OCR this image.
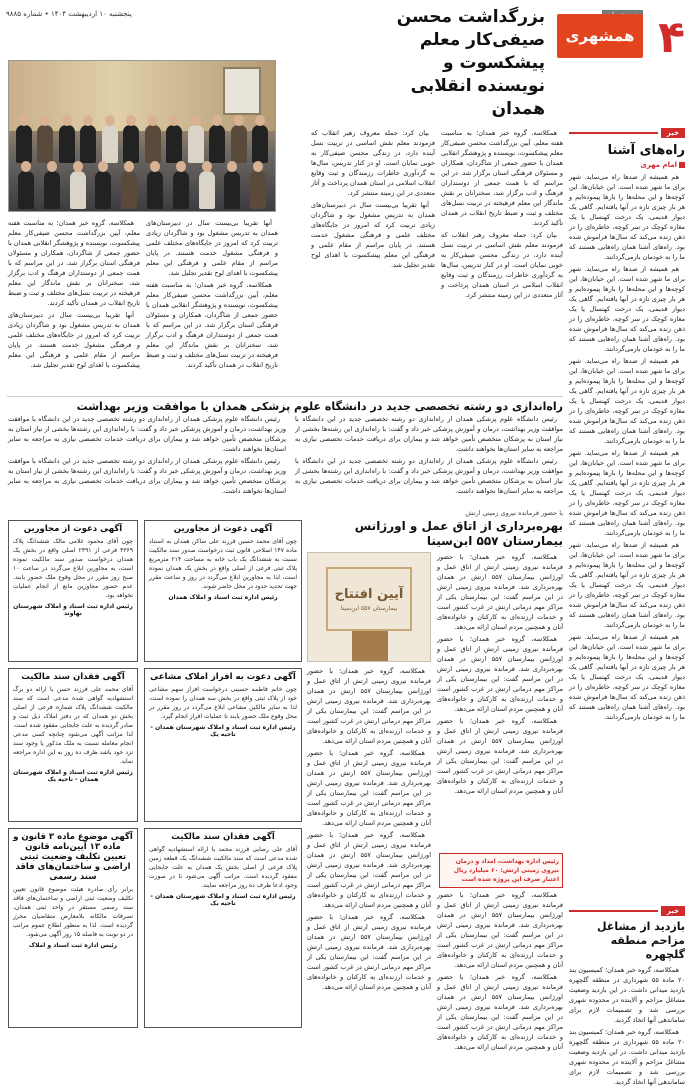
۴
همشهری
بزرگداشت محسن صیفی‌کار معلم پیشکسوت و نویسنده انقلابی همدان
پنجشنبه ۱۰ اردیبهشت ۱۴۰۴ • شماره ۹۸۸۵

همکلاسه، گروه خبر همدان؛ به مناسبت هفته معلم، آیین بزرگداشت محسن صیفی‌کار معلم پیشکسوت، نویسنده و پژوهشگر انقلابی همدان با حضور جمعی از شاگردان، همکاران و مسئولان فرهنگی استان برگزار شد. در این مراسم که با همت جمعی از دوستداران فرهنگ و ادب برگزار شد، سخنرانان بر نقش ماندگار این معلم فرهیخته در تربیت نسل‌های مختلف و ثبت و ضبط تاریخ انقلاب در همدان تأکید کردند.

بیان کرد: جمله معروف رهبر انقلاب که فرمودند معلم نقش اساسی در تربیت نسل آینده دارد، در زندگی محسن صیفی‌کار به خوبی نمایان است. او در کنار تدریس، سال‌ها به گردآوری خاطرات رزمندگان و ثبت وقایع انقلاب اسلامی در استان همدان پرداخت و آثار متعددی در این زمینه منتشر کرد.

بیان کرد: جمله معروف رهبر انقلاب که فرمودند معلم نقش اساسی در تربیت نسل آینده دارد، در زندگی محسن صیفی‌کار به خوبی نمایان است. او در کنار تدریس، سال‌ها به گردآوری خاطرات رزمندگان و ثبت وقایع انقلاب اسلامی در استان همدان پرداخت و آثار متعددی در این زمینه منتشر کرد.

آنها تقریبا بی‌بیست سال در دبیرستان‌های همدان به تدریس مشغول بود و شاگردان زیادی تربیت کرد که امروز در جایگاه‌های مختلف علمی و فرهنگی مشغول خدمت هستند. در پایان مراسم از مقام علمی و فرهنگی این معلم پیشکسوت با اهدای لوح تقدیر تجلیل شد.

آنها تقریبا بی‌بیست سال در دبیرستان‌های همدان به تدریس مشغول بود و شاگردان زیادی تربیت کرد که امروز در جایگاه‌های مختلف علمی و فرهنگی مشغول خدمت هستند. در پایان مراسم از مقام علمی و فرهنگی این معلم پیشکسوت با اهدای لوح تقدیر تجلیل شد.

همکلاسه، گروه خبر همدان؛ به مناسبت هفته معلم، آیین بزرگداشت محسن صیفی‌کار معلم پیشکسوت، نویسنده و پژوهشگر انقلابی همدان با حضور جمعی از شاگردان، همکاران و مسئولان فرهنگی استان برگزار شد. در این مراسم که با همت جمعی از دوستداران فرهنگ و ادب برگزار شد، سخنرانان بر نقش ماندگار این معلم فرهیخته در تربیت نسل‌های مختلف و ثبت و ضبط تاریخ انقلاب در همدان تأکید کردند.

همکلاسه، گروه خبر همدان؛ به مناسبت هفته معلم، آیین بزرگداشت محسن صیفی‌کار معلم پیشکسوت، نویسنده و پژوهشگر انقلابی همدان با حضور جمعی از شاگردان، همکاران و مسئولان فرهنگی استان برگزار شد. در این مراسم که با همت جمعی از دوستداران فرهنگ و ادب برگزار شد، سخنرانان بر نقش ماندگار این معلم فرهیخته در تربیت نسل‌های مختلف و ثبت و ضبط تاریخ انقلاب در همدان تأکید کردند.

آنها تقریبا بی‌بیست سال در دبیرستان‌های همدان به تدریس مشغول بود و شاگردان زیادی تربیت کرد که امروز در جایگاه‌های مختلف علمی و فرهنگی مشغول خدمت هستند. در پایان مراسم از مقام علمی و فرهنگی این معلم پیشکسوت با اهدای لوح تقدیر تجلیل شد.

خبر
راه‌های آشنا
امام مهری

هم همیشه از صدها راه می‌ساید. شهر برای ما شهر شده است. این خیابان‌ها، این کوچه‌ها و این محله‌ها را بارها پیموده‌ایم و هر بار چیزی تازه در آنها یافته‌ایم. گاهی یک دیوار قدیمی، یک درخت کهنسال یا یک مغازه کوچک در سر کوچه، خاطره‌ای را در ذهن زنده می‌کند که سال‌ها فراموش شده بود. راه‌های آشنا همان راه‌هایی هستند که ما را به خودمان بازمی‌گردانند.

هم همیشه از صدها راه می‌ساید. شهر برای ما شهر شده است. این خیابان‌ها، این کوچه‌ها و این محله‌ها را بارها پیموده‌ایم و هر بار چیزی تازه در آنها یافته‌ایم. گاهی یک دیوار قدیمی، یک درخت کهنسال یا یک مغازه کوچک در سر کوچه، خاطره‌ای را در ذهن زنده می‌کند که سال‌ها فراموش شده بود. راه‌های آشنا همان راه‌هایی هستند که ما را به خودمان بازمی‌گردانند.

هم همیشه از صدها راه می‌ساید. شهر برای ما شهر شده است. این خیابان‌ها، این کوچه‌ها و این محله‌ها را بارها پیموده‌ایم و هر بار چیزی تازه در آنها یافته‌ایم. گاهی یک دیوار قدیمی، یک درخت کهنسال یا یک مغازه کوچک در سر کوچه، خاطره‌ای را در ذهن زنده می‌کند که سال‌ها فراموش شده بود. راه‌های آشنا همان راه‌هایی هستند که ما را به خودمان بازمی‌گردانند.

هم همیشه از صدها راه می‌ساید. شهر برای ما شهر شده است. این خیابان‌ها، این کوچه‌ها و این محله‌ها را بارها پیموده‌ایم و هر بار چیزی تازه در آنها یافته‌ایم. گاهی یک دیوار قدیمی، یک درخت کهنسال یا یک مغازه کوچک در سر کوچه، خاطره‌ای را در ذهن زنده می‌کند که سال‌ها فراموش شده بود. راه‌های آشنا همان راه‌هایی هستند که ما را به خودمان بازمی‌گردانند.

هم همیشه از صدها راه می‌ساید. شهر برای ما شهر شده است. این خیابان‌ها، این کوچه‌ها و این محله‌ها را بارها پیموده‌ایم و هر بار چیزی تازه در آنها یافته‌ایم. گاهی یک دیوار قدیمی، یک درخت کهنسال یا یک مغازه کوچک در سر کوچه، خاطره‌ای را در ذهن زنده می‌کند که سال‌ها فراموش شده بود. راه‌های آشنا همان راه‌هایی هستند که ما را به خودمان بازمی‌گردانند.

هم همیشه از صدها راه می‌ساید. شهر برای ما شهر شده است. این خیابان‌ها، این کوچه‌ها و این محله‌ها را بارها پیموده‌ایم و هر بار چیزی تازه در آنها یافته‌ایم. گاهی یک دیوار قدیمی، یک درخت کهنسال یا یک مغازه کوچک در سر کوچه، خاطره‌ای را در ذهن زنده می‌کند که سال‌ها فراموش شده بود. راه‌های آشنا همان راه‌هایی هستند که ما را به خودمان بازمی‌گردانند.

راه‌اندازی دو رشته تخصصی جدید در دانشگاه علوم پزشکی همدان با موافقت وزیر بهداشت

رئیس دانشگاه علوم پزشکی همدان از راه‌اندازی دو رشته تخصصی جدید در این دانشگاه با موافقت وزیر بهداشت، درمان و آموزش پزشکی خبر داد و گفت: با راه‌اندازی این رشته‌ها بخشی از نیاز استان به پزشکان متخصص تأمین خواهد شد و بیماران برای دریافت خدمات تخصصی نیازی به مراجعه به سایر استان‌ها نخواهند داشت.

رئیس دانشگاه علوم پزشکی همدان از راه‌اندازی دو رشته تخصصی جدید در این دانشگاه با موافقت وزیر بهداشت، درمان و آموزش پزشکی خبر داد و گفت: با راه‌اندازی این رشته‌ها بخشی از نیاز استان به پزشکان متخصص تأمین خواهد شد و بیماران برای دریافت خدمات تخصصی نیازی به مراجعه به سایر استان‌ها نخواهند داشت.

رئیس دانشگاه علوم پزشکی همدان از راه‌اندازی دو رشته تخصصی جدید در این دانشگاه با موافقت وزیر بهداشت، درمان و آموزش پزشکی خبر داد و گفت: با راه‌اندازی این رشته‌ها بخشی از نیاز استان به پزشکان متخصص تأمین خواهد شد و بیماران برای دریافت خدمات تخصصی نیازی به مراجعه به سایر استان‌ها نخواهند داشت.

رئیس دانشگاه علوم پزشکی همدان از راه‌اندازی دو رشته تخصصی جدید در این دانشگاه با موافقت وزیر بهداشت، درمان و آموزش پزشکی خبر داد و گفت: با راه‌اندازی این رشته‌ها بخشی از نیاز استان به پزشکان متخصص تأمین خواهد شد و بیماران برای دریافت خدمات تخصصی نیازی به مراجعه به سایر استان‌ها نخواهند داشت.

با حضور فرمانده نیروی زمینی ارتش
بهره‌برداری از اتاق عمل و اورژانس بیمارستان ۵۵۷ ابن‌سینا
آیین افتتاح
بیمارستان ۵۵۷ ابن‌سینا

همکلاسه، گروه خبر همدان؛ با حضور فرمانده نیروی زمینی ارتش از اتاق عمل و اورژانس بیمارستان ۵۵۷ ارتش در همدان بهره‌برداری شد. فرمانده نیروی زمینی ارتش در این مراسم گفت: این بیمارستان یکی از مراکز مهم درمانی ارتش در غرب کشور است و خدمات ارزنده‌ای به کارکنان و خانواده‌های آنان و همچنین مردم استان ارائه می‌دهد.

همکلاسه، گروه خبر همدان؛ با حضور فرمانده نیروی زمینی ارتش از اتاق عمل و اورژانس بیمارستان ۵۵۷ ارتش در همدان بهره‌برداری شد. فرمانده نیروی زمینی ارتش در این مراسم گفت: این بیمارستان یکی از مراکز مهم درمانی ارتش در غرب کشور است و خدمات ارزنده‌ای به کارکنان و خانواده‌های آنان و همچنین مردم استان ارائه می‌دهد.

همکلاسه، گروه خبر همدان؛ با حضور فرمانده نیروی زمینی ارتش از اتاق عمل و اورژانس بیمارستان ۵۵۷ ارتش در همدان بهره‌برداری شد. فرمانده نیروی زمینی ارتش در این مراسم گفت: این بیمارستان یکی از مراکز مهم درمانی ارتش در غرب کشور است و خدمات ارزنده‌ای به کارکنان و خانواده‌های آنان و همچنین مردم استان ارائه می‌دهد.

همکلاسه، گروه خبر همدان؛ با حضور فرمانده نیروی زمینی ارتش از اتاق عمل و اورژانس بیمارستان ۵۵۷ ارتش در همدان بهره‌برداری شد. فرمانده نیروی زمینی ارتش در این مراسم گفت: این بیمارستان یکی از مراکز مهم درمانی ارتش در غرب کشور است و خدمات ارزنده‌ای به کارکنان و خانواده‌های آنان و همچنین مردم استان ارائه می‌دهد.

همکلاسه، گروه خبر همدان؛ با حضور فرمانده نیروی زمینی ارتش از اتاق عمل و اورژانس بیمارستان ۵۵۷ ارتش در همدان بهره‌برداری شد. فرمانده نیروی زمینی ارتش در این مراسم گفت: این بیمارستان یکی از مراکز مهم درمانی ارتش در غرب کشور است و خدمات ارزنده‌ای به کارکنان و خانواده‌های آنان و همچنین مردم استان ارائه می‌دهد.

همکلاسه، گروه خبر همدان؛ با حضور فرمانده نیروی زمینی ارتش از اتاق عمل و اورژانس بیمارستان ۵۵۷ ارتش در همدان بهره‌برداری شد. فرمانده نیروی زمینی ارتش در این مراسم گفت: این بیمارستان یکی از مراکز مهم درمانی ارتش در غرب کشور است و خدمات ارزنده‌ای به کارکنان و خانواده‌های آنان و همچنین مردم استان ارائه می‌دهد.

همکلاسه، گروه خبر همدان؛ با حضور فرمانده نیروی زمینی ارتش از اتاق عمل و اورژانس بیمارستان ۵۵۷ ارتش در همدان بهره‌برداری شد. فرمانده نیروی زمینی ارتش در این مراسم گفت: این بیمارستان یکی از مراکز مهم درمانی ارتش در غرب کشور است و خدمات ارزنده‌ای به کارکنان و خانواده‌های آنان و همچنین مردم استان ارائه می‌دهد.

رئیس اداره بهداشت، امداد و درمان نیروی زمینی ارتش: ۶۰ میلیارد ریال اعتبار صرف این پروژه شده است

همکلاسه، گروه خبر همدان؛ با حضور فرمانده نیروی زمینی ارتش از اتاق عمل و اورژانس بیمارستان ۵۵۷ ارتش در همدان بهره‌برداری شد. فرمانده نیروی زمینی ارتش در این مراسم گفت: این بیمارستان یکی از مراکز مهم درمانی ارتش در غرب کشور است و خدمات ارزنده‌ای به کارکنان و خانواده‌های آنان و همچنین مردم استان ارائه می‌دهد.

همکلاسه، گروه خبر همدان؛ با حضور فرمانده نیروی زمینی ارتش از اتاق عمل و اورژانس بیمارستان ۵۵۷ ارتش در همدان بهره‌برداری شد. فرمانده نیروی زمینی ارتش در این مراسم گفت: این بیمارستان یکی از مراکز مهم درمانی ارتش در غرب کشور است و خدمات ارزنده‌ای به کارکنان و خانواده‌های آنان و همچنین مردم استان ارائه می‌دهد.

آگهی دعوت از مجاورین
چون آقای محمد حسین فرزند علی ساکن همدان به استناد ماده ۱۴۷ اصلاحی قانون ثبت درخواست صدور سند مالکیت نسبت به ششدانگ یک باب خانه به مساحت ۲۱۴ مترمربع پلاک ثبتی فرعی از اصلی واقع در بخش یک همدان نموده است، لذا به مجاورین ابلاغ می‌گردد در روز و ساعت مقرر جهت تحدید حدود در محل حاضر شوند.
رئیس اداره ثبت اسناد و املاک همدان
آگهی دعوت از مجاورین
چون آقای محمود غلامی مالک ششدانگ پلاک ۴۳۶۹ فرعی از ۲۴۹۱ اصلی واقع در بخش یک همدان درخواست صدور سند مالکیت نموده است، به مجاورین ابلاغ می‌گردد در ساعت ۱۰ صبح روز مقرر در محل وقوع ملک حضور یابند. عدم حضور مجاورین مانع از انجام عملیات نخواهد بود.
رئیس اداره ثبت اسناد و املاک شهرستان نهاوند
آگهی دعوت به افراز املاک مشاعی
چون خانم فاطمه حسینی درخواست افراز سهم مشاعی خود از پلاک ثبتی واقع در بخش سه همدان را نموده است، لذا به سایر مالکین مشاعی ابلاغ می‌گردد در روز مقرر در محل وقوع ملک حضور یابند تا عملیات افراز انجام گیرد.
رئیس اداره ثبت اسناد و املاک شهرستان همدان - ناحیه یک
آگهی فقدان سند مالکیت
آقای محمد علی فرزند حسن با ارائه دو برگ استشهادیه گواهی شده مدعی است که سند مالکیت ششدانگ پلاک شماره فرعی از اصلی بخش دو همدان که در دفتر املاک ذیل ثبت و صادر گردیده به علت جابجایی مفقود شده است. لذا مراتب آگهی می‌شود چنانچه کسی مدعی انجام معامله نسبت به ملک مذکور یا وجود سند نزد خود باشد ظرف ده روز به این اداره مراجعه نماید.
رئیس اداره ثبت اسناد و املاک شهرستان همدان - ناحیه یک
آگهی فقدان سند مالکیت
آقای علی رضایی فرزند محمد با ارائه استشهادیه گواهی شده مدعی است که سند مالکیت ششدانگ یک قطعه زمین پلاک فرعی از اصلی بخش یک همدان به علت جابجایی مفقود گردیده است. مراتب آگهی می‌شود تا در صورت وجود ادعا ظرف ده روز مراجعه نمایند.
رئیس اداره ثبت اسناد و املاک شهرستان همدان - ناحیه یک
آگهی موضوع ماده ۳ قانون و ماده ۱۳ آیین‌نامه قانون تعیین تکلیف وضعیت ثبتی اراضی و ساختمان‌های فاقد سند رسمی
برابر رأی صادره هیئت موضوع قانون تعیین تکلیف وضعیت ثبتی اراضی و ساختمان‌های فاقد سند رسمی مستقر در واحد ثبتی همدان، تصرفات مالکانه بلامعارض متقاضیان محرز گردیده است. لذا به منظور اطلاع عموم مراتب در دو نوبت به فاصله ۱۵ روز آگهی می‌شود.
رئیس اداره ثبت اسناد و املاک
خبر
بازدید از مشاغل مزاحم منطقه گلچهره

همکلاسه، گروه خبر همدان؛ کمیسیون بند ۲۰ ماده ۵۵ شهرداری در منطقه گلچهره بازدید میدانی داشت. در این بازدید وضعیت مشاغل مزاحم و آلاینده در محدوده شهری بررسی شد و تصمیمات لازم برای ساماندهی آنها اتخاذ گردید.

همکلاسه، گروه خبر همدان؛ کمیسیون بند ۲۰ ماده ۵۵ شهرداری در منطقه گلچهره بازدید میدانی داشت. در این بازدید وضعیت مشاغل مزاحم و آلاینده در محدوده شهری بررسی شد و تصمیمات لازم برای ساماندهی آنها اتخاذ گردید.
